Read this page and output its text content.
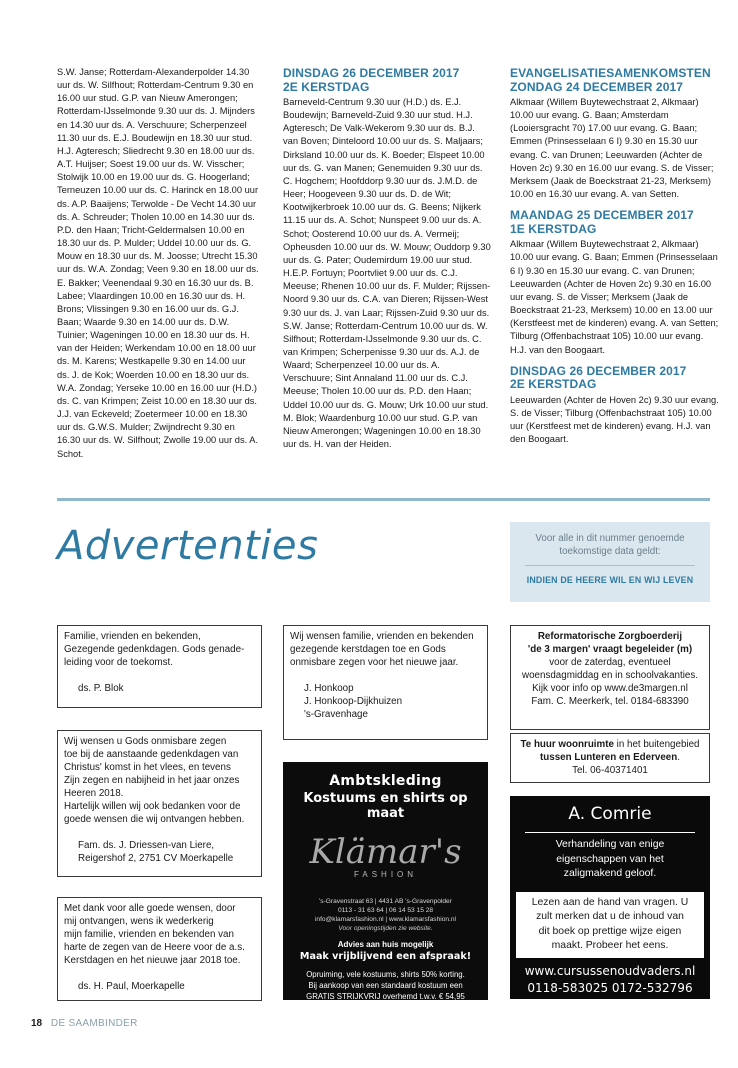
S.W. Janse; Rotterdam-Alexanderpolder 14.30 uur ds. W. Silfhout; Rotterdam-Centrum 9.30 en 16.00 uur stud. G.P. van Nieuw Amerongen; Rotterdam-IJsselmonde 9.30 uur ds. J. Mijnders en 14.30 uur ds. A. Verschuure; Scherpenzeel 11.30 uur ds. E.J. Boudewijn en 18.30 uur stud. H.J. Agteresch; Sliedrecht 9.30 en 18.00 uur ds. A.T. Huijser; Soest 19.00 uur ds. W. Visscher; Stolwijk 10.00 en 19.00 uur ds. G. Hoogerland; Terneuzen 10.00 uur ds. C. Harinck en 18.00 uur ds. A.P. Baaijens; Terwolde - De Vecht 14.30 uur ds. A. Schreuder; Tholen 10.00 en 14.30 uur ds. P.D. den Haan; Tricht-Geldermalsen 10.00 en 18.30 uur ds. P. Mulder; Uddel 10.00 uur ds. G. Mouw en 18.30 uur ds. M. Joosse; Utrecht 15.30 uur ds. W.A. Zondag; Veen 9.30 en 18.00 uur ds. E. Bakker; Veenendaal 9.30 en 16.30 uur ds. B. Labee; Vlaardingen 10.00 en 16.30 uur ds. H. Brons; Vlissingen 9.30 en 16.00 uur ds. G.J. Baan; Waarde 9.30 en 14.00 uur ds. D.W. Tuinier; Wageningen 10.00 en 18.30 uur ds. H. van der Heiden; Werkendam 10.00 en 18.00 uur ds. M. Karens; Westkapelle 9.30 en 14.00 uur ds. J. de Kok; Woerden 10.00 en 18.30 uur ds. W.A. Zondag; Yerseke 10.00 en 16.00 uur (H.D.) ds. C. van Krimpen; Zeist 10.00 en 18.30 uur ds. J.J. van Eckeveld; Zoetermeer 10.00 en 18.30 uur ds. G.W.S. Mulder; Zwijndrecht 9.30 en 16.30 uur ds. W. Silfhout; Zwolle 19.00 uur ds. A. Schot.

DINSDAG 26 DECEMBER 2017
2E KERSTDAG

Barneveld-Centrum 9.30 uur (H.D.) ds. E.J. Boudewijn; Barneveld-Zuid 9.30 uur stud. H.J. Agteresch; De Valk-Wekerom 9.30 uur ds. B.J. van Boven; Dinteloord 10.00 uur ds. S. Maljaars; Dirksland 10.00 uur ds. K. Boeder; Elspeet 10.00 uur ds. G. van Manen; Genemuiden 9.30 uur ds. C. Hogchem; Hoofddorp 9.30 uur ds. J.M.D. de Heer; Hoogeveen 9.30 uur ds. D. de Wit; Kootwijkerbroek 10.00 uur ds. G. Beens; Nijkerk 11.15 uur ds. A. Schot; Nunspeet 9.00 uur ds. A. Schot; Oosterend 10.00 uur ds. A. Vermeij; Opheusden 10.00 uur ds. W. Mouw; Ouddorp 9.30 uur ds. G. Pater; Oudemirdum 19.00 uur stud. H.E.P. Fortuyn; Poortvliet 9.00 uur ds. C.J. Meeuse; Rhenen 10.00 uur ds. F. Mulder; Rijssen-Noord 9.30 uur ds. C.A. van Dieren; Rijssen-West 9.30 uur ds. J. van Laar; Rijssen-Zuid 9.30 uur ds. S.W. Janse; Rotterdam-Centrum 10.00 uur ds. W. Silfhout; Rotterdam-IJsselmonde 9.30 uur ds. C. van Krimpen; Scherpenisse 9.30 uur ds. A.J. de Waard; Scherpenzeel 10.00 uur ds. A. Verschuure; Sint Annaland 11.00 uur ds. C.J. Meeuse; Tholen 10.00 uur ds. P.D. den Haan; Uddel 10.00 uur ds. G. Mouw; Urk 10.00 uur stud. M. Blok; Waardenburg 10.00 uur stud. G.P. van Nieuw Amerongen; Wageningen 10.00 en 18.30 uur ds. H. van der Heiden.

EVANGELISATIESAMENKOMSTEN
ZONDAG 24 DECEMBER 2017

Alkmaar (Willem Buytewechstraat 2, Alkmaar) 10.00 uur evang. G. Baan; Amsterdam (Looiersgracht 70) 17.00 uur evang. G. Baan; Emmen (Prinsesselaan 6 I) 9.30 en 15.30 uur evang. C. van Drunen; Leeuwarden (Achter de Hoven 2c) 9.30 en 16.00 uur evang. S. de Visser; Merksem (Jaak de Boeckstraat 21-23, Merksem) 10.00 en 16.30 uur evang. A. van Setten.

MAANDAG 25 DECEMBER 2017
1E KERSTDAG

Alkmaar (Willem Buytewechstraat 2, Alkmaar) 10.00 uur evang. G. Baan; Emmen (Prinsesselaan 6 I) 9.30 en 15.30 uur evang. C. van Drunen; Leeuwarden (Achter de Hoven 2c) 9.30 en 16.00 uur evang. S. de Visser; Merksem (Jaak de Boeckstraat 21-23, Merksem) 10.00 en 13.00 uur (Kerstfeest met de kinderen) evang. A. van Setten; Tilburg (Offenbachstraat 105) 10.00 uur evang. H.J. van den Boogaart.

DINSDAG 26 DECEMBER 2017
2E KERSTDAG

Leeuwarden (Achter de Hoven 2c) 9.30 uur evang. S. de Visser; Tilburg (Offenbachstraat 105) 10.00 uur (Kerstfeest met de kinderen) evang. H.J. van den Boogaart.

Advertenties	Voor alle in dit nummer genoemde toekomstige data geldt:
INDIEN DE HEERE WIL EN WIJ LEVEN

Familie, vrienden en bekenden,

Gezegende gedenkdagen. Gods genade-

leiding voor de toekomst.

ds. P. Blok

Wij wensen u Gods onmisbare zegen

toe bij de aanstaande gedenkdagen van

Christus' komst in het vlees, en tevens

Zijn zegen en nabijheid in het jaar onzes

Heeren 2018.

Hartelijk willen wij ook bedanken voor de

goede wensen die wij ontvangen hebben.

Fam. ds. J. Driessen-van Liere,

Reigershof 2, 2751 CV Moerkapelle

Met dank voor alle goede wensen, door

mij ontvangen, wens ik wederkerig

mijn familie, vrienden en bekenden van

harte de zegen van de Heere voor de a.s.

Kerstdagen en het nieuwe jaar 2018 toe.

ds. H. Paul, Moerkapelle

Wij wensen familie, vrienden en bekenden

gezegende kerstdagen toe en Gods

onmisbare zegen voor het nieuwe jaar.

J. Honkoop

J. Honkoop-Dijkhuizen

's-Gravenhage

Ambtskleding
Kostuums en shirts op maat
Klämar's
FASHION
's-Gravenstraat 63 | 4431 AB 's-Gravenpolder
0113 - 31 63 64 | 06 14 53 15 28
info@klamarsfashion.nl | www.klamarsfashion.nl
Voor openingstijden zie website.
Advies aan huis mogelijk
Maak vrijblijvend een afspraak!
Opruiming, vele kostuums, shirts 50% korting.
Bij aankoop van een standaard kostuum een
GRATIS STRIJKVRIJ overhemd t.w.v. € 54,95

Reformatorische Zorgboerderij

'de 3 margen' vraagt begeleider (m)

voor de zaterdag, eventueel

woensdagmiddag en in schoolvakanties.

Kijk voor info op www.de3margen.nl

Fam. C. Meerkerk, tel. 0184-683390

Te huur woonruimte in het buitengebied

tussen Lunteren en Ederveen.

Tel. 06-40371401

A. Comrie
Verhandeling van enige
eigenschappen van het
zaligmakend geloof.
Lezen aan de hand van vragen. U
zult merken dat u de inhoud van
dit boek op prettige wijze eigen
maakt. Probeer het eens.
www.cursussenoudvaders.nl
0118-583025 0172-532796
18 DE SAAMBINDER
